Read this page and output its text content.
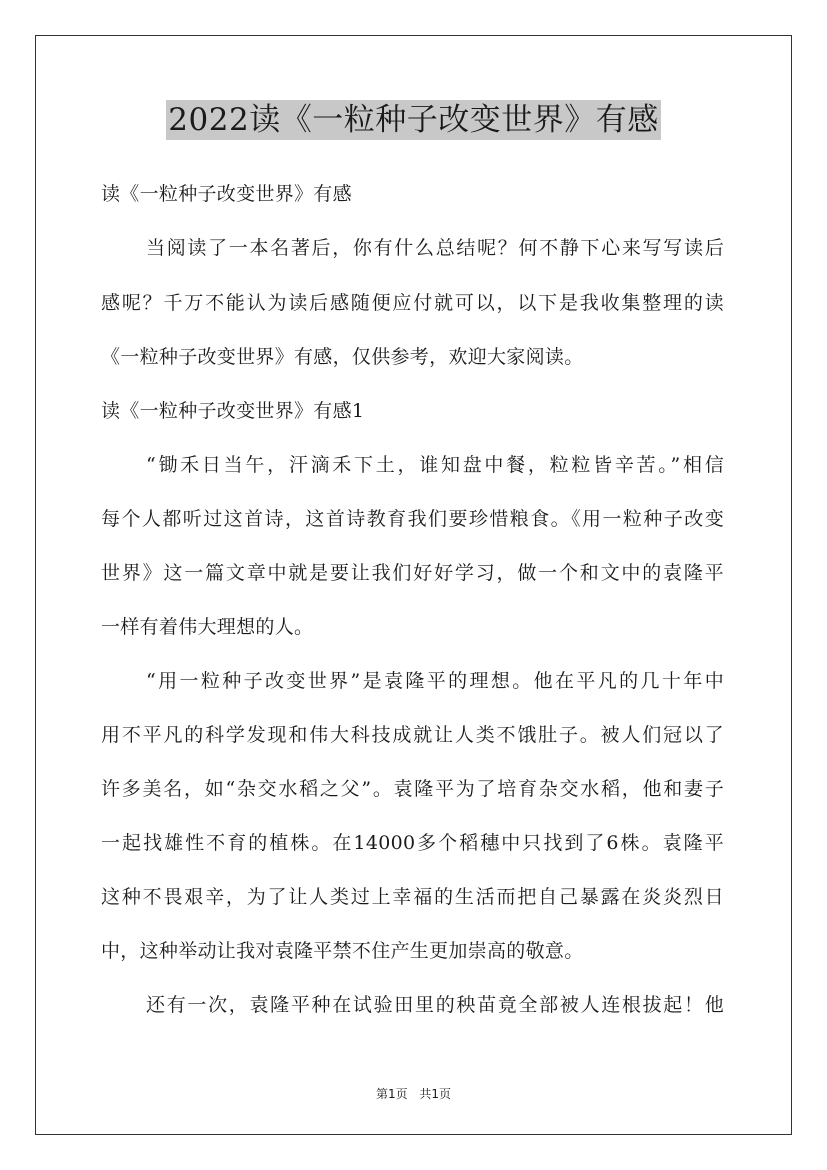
2022读《一粒种子改变世界》有感
读《一粒种子改变世界》有感
当阅读了一本名著后，你有什么总结呢？何不静下心来写写读后
感呢？千万不能认为读后感随便应付就可以，以下是我收集整理的读
《一粒种子改变世界》有感，仅供参考，欢迎大家阅读。
读《一粒种子改变世界》有感1
“锄禾日当午，汗滴禾下土，谁知盘中餐，粒粒皆辛苦。”相信
每个人都听过这首诗，这首诗教育我们要珍惜粮食。《用一粒种子改变
世界》这一篇文章中就是要让我们好好学习，做一个和文中的袁隆平
一样有着伟大理想的人。
“用一粒种子改变世界”是袁隆平的理想。他在平凡的几十年中
用不平凡的科学发现和伟大科技成就让人类不饿肚子。被人们冠以了
许多美名，如“杂交水稻之父”。袁隆平为了培育杂交水稻，他和妻子
一起找雄性不育的植株。在14000多个稻穗中只找到了6株。袁隆平
这种不畏艰辛，为了让人类过上幸福的生活而把自己暴露在炎炎烈日
中，这种举动让我对袁隆平禁不住产生更加崇高的敬意。
还有一次，袁隆平种在试验田里的秧苗竟全部被人连根拔起！他
第1页 共1页
